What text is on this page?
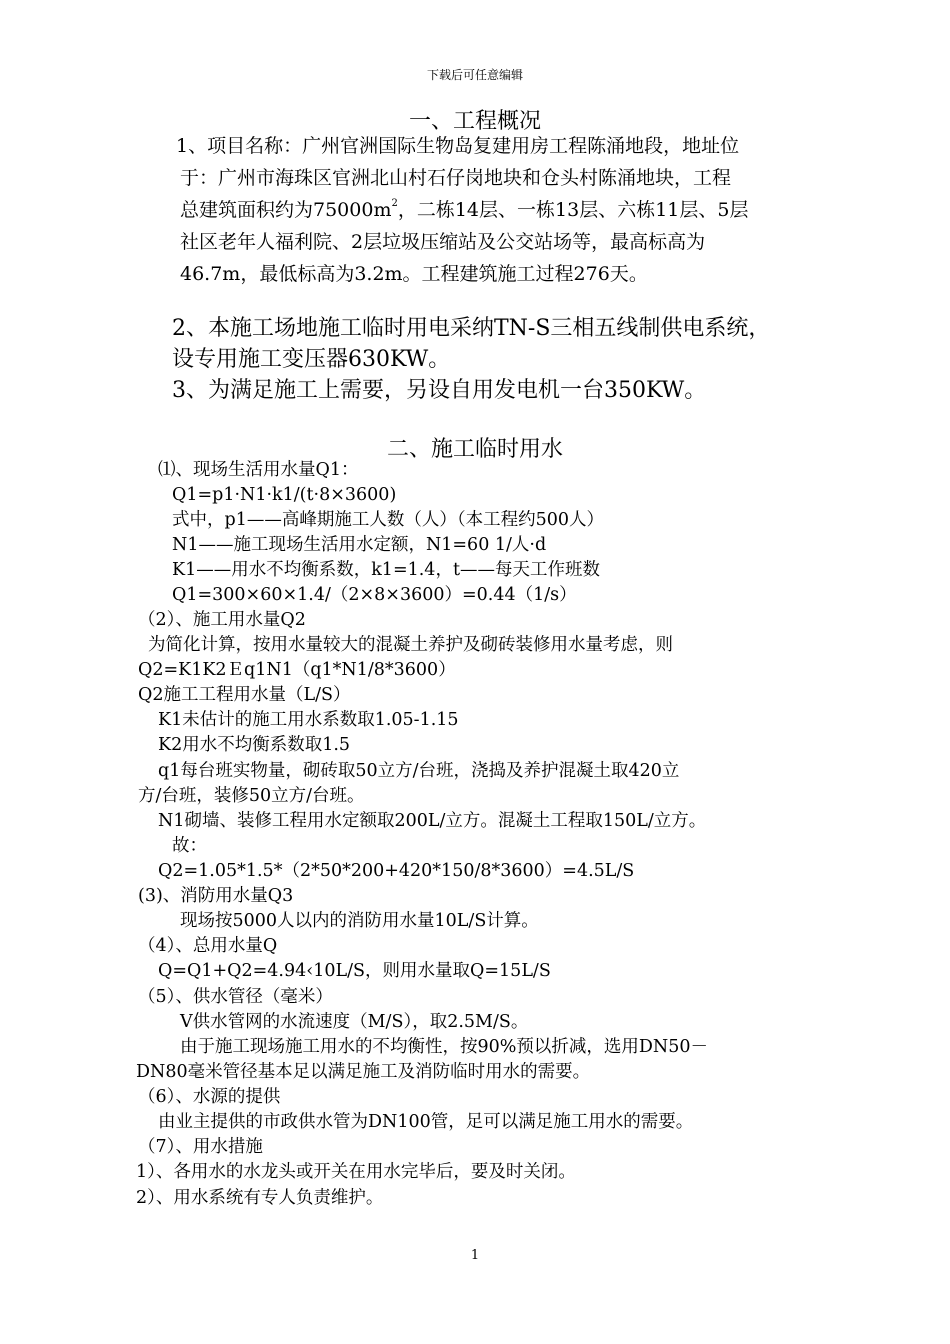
下载后可任意编辑
一、工程概况
1、项目名称：广州官洲国际生物岛复建用房工程陈涌地段，地址位
于：广州市海珠区官洲北山村石仔岗地块和仓头村陈涌地块，工程
总建筑面积约为$75000m^2$，二栋14层、一栋13层、六栋11层、5层
社区老年人福利院、2层垃圾压缩站及公交站场等，最高标高为
46.7m，最低标高为3.2m。工程建筑施工过程276天。
2、本施工场地施工临时用电采纳TN-S三相五线制供电系统，
设专用施工变压器630KW。
3、为满足施工上需要，另设自用发电机一台350KW。
二、施工临时用水
⑴、现场生活用水量Q1：
Q1=p1·N1·k1/(t·8×3600)
式中，p1——高峰期施工人数（人）（本工程约500人）
N1——施工现场生活用水定额，N1=60 1/人·d
K1——用水不均衡系数，k1=1.4，t——每天工作班数
Q1=300×60×1.4/（2×8×3600）=0.44（1/s）
（2）、施工用水量Q2
为简化计算，按用水量较大的混凝土养护及砌砖装修用水量考虑，则
Q2=K1K2Ｅq1N1（q1*N1/8*3600）
Q2施工工程用水量（L/S）
K1未估计的施工用水系数取1.05-1.15
K2用水不均衡系数取1.5
q1每台班实物量，砌砖取50立方/台班，浇捣及养护混凝土取420立
方/台班，装修50立方/台班。
N1砌墙、装修工程用水定额取200L/立方。混凝土工程取150L/立方。
故：
Q2=1.05*1.5*（2*50*200+420*150/8*3600）=4.5L/S
(3)、消防用水量Q3
现场按5000人以内的消防用水量10L/S计算。
（4）、总用水量Q
Q=Q1+Q2=4.94‹10L/S，则用水量取Q=15L/S
（5）、供水管径（毫米）
V供水管网的水流速度（M/S），取2.5M/S。
由于施工现场施工用水的不均衡性，按90%预以折减，选用DN50－
DN80毫米管径基本足以满足施工及消防临时用水的需要。
（6）、水源的提供
由业主提供的市政供水管为DN100管，足可以满足施工用水的需要。
（7）、用水措施
1）、各用水的水龙头或开关在用水完毕后，要及时关闭。
2）、用水系统有专人负责维护。
1
